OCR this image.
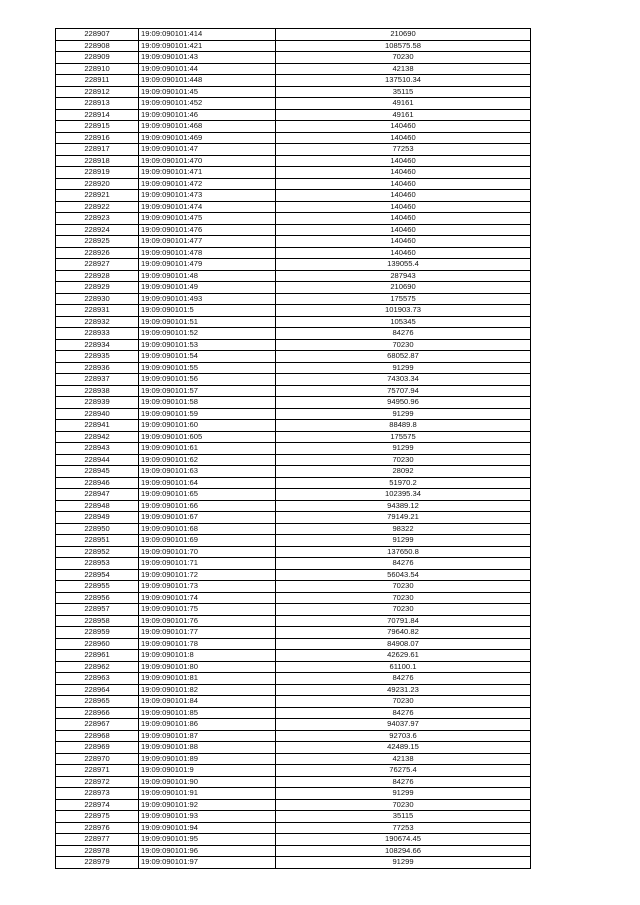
228907	19:09:090101:414	210690
228908	19:09:090101:421	108575.58
228909	19:09:090101:43	70230
228910	19:09:090101:44	42138
228911	19:09:090101:448	137510.34
228912	19:09:090101:45	35115
228913	19:09:090101:452	49161
228914	19:09:090101:46	49161
228915	19:09:090101:468	140460
228916	19:09:090101:469	140460
228917	19:09:090101:47	77253
228918	19:09:090101:470	140460
228919	19:09:090101:471	140460
228920	19:09:090101:472	140460
228921	19:09:090101:473	140460
228922	19:09:090101:474	140460
228923	19:09:090101:475	140460
228924	19:09:090101:476	140460
228925	19:09:090101:477	140460
228926	19:09:090101:478	140460
228927	19:09:090101:479	139055.4
228928	19:09:090101:48	287943
228929	19:09:090101:49	210690
228930	19:09:090101:493	175575
228931	19:09:090101:5	101903.73
228932	19:09:090101:51	105345
228933	19:09:090101:52	84276
228934	19:09:090101:53	70230
228935	19:09:090101:54	68052.87
228936	19:09:090101:55	91299
228937	19:09:090101:56	74303.34
228938	19:09:090101:57	75707.94
228939	19:09:090101:58	94950.96
228940	19:09:090101:59	91299
228941	19:09:090101:60	88489.8
228942	19:09:090101:605	175575
228943	19:09:090101:61	91299
228944	19:09:090101:62	70230
228945	19:09:090101:63	28092
228946	19:09:090101:64	51970.2
228947	19:09:090101:65	102395.34
228948	19:09:090101:66	94389.12
228949	19:09:090101:67	79149.21
228950	19:09:090101:68	98322
228951	19:09:090101:69	91299
228952	19:09:090101:70	137650.8
228953	19:09:090101:71	84276
228954	19:09:090101:72	56043.54
228955	19:09:090101:73	70230
228956	19:09:090101:74	70230
228957	19:09:090101:75	70230
228958	19:09:090101:76	70791.84
228959	19:09:090101:77	79640.82
228960	19:09:090101:78	84908.07
228961	19:09:090101:8	42629.61
228962	19:09:090101:80	61100.1
228963	19:09:090101:81	84276
228964	19:09:090101:82	49231.23
228965	19:09:090101:84	70230
228966	19:09:090101:85	84276
228967	19:09:090101:86	94037.97
228968	19:09:090101:87	92703.6
228969	19:09:090101:88	42489.15
228970	19:09:090101:89	42138
228971	19:09:090101:9	76275.4
228972	19:09:090101:90	84276
228973	19:09:090101:91	91299
228974	19:09:090101:92	70230
228975	19:09:090101:93	35115
228976	19:09:090101:94	77253
228977	19:09:090101:95	190674.45
228978	19:09:090101:96	108294.66
228979	19:09:090101:97	91299
